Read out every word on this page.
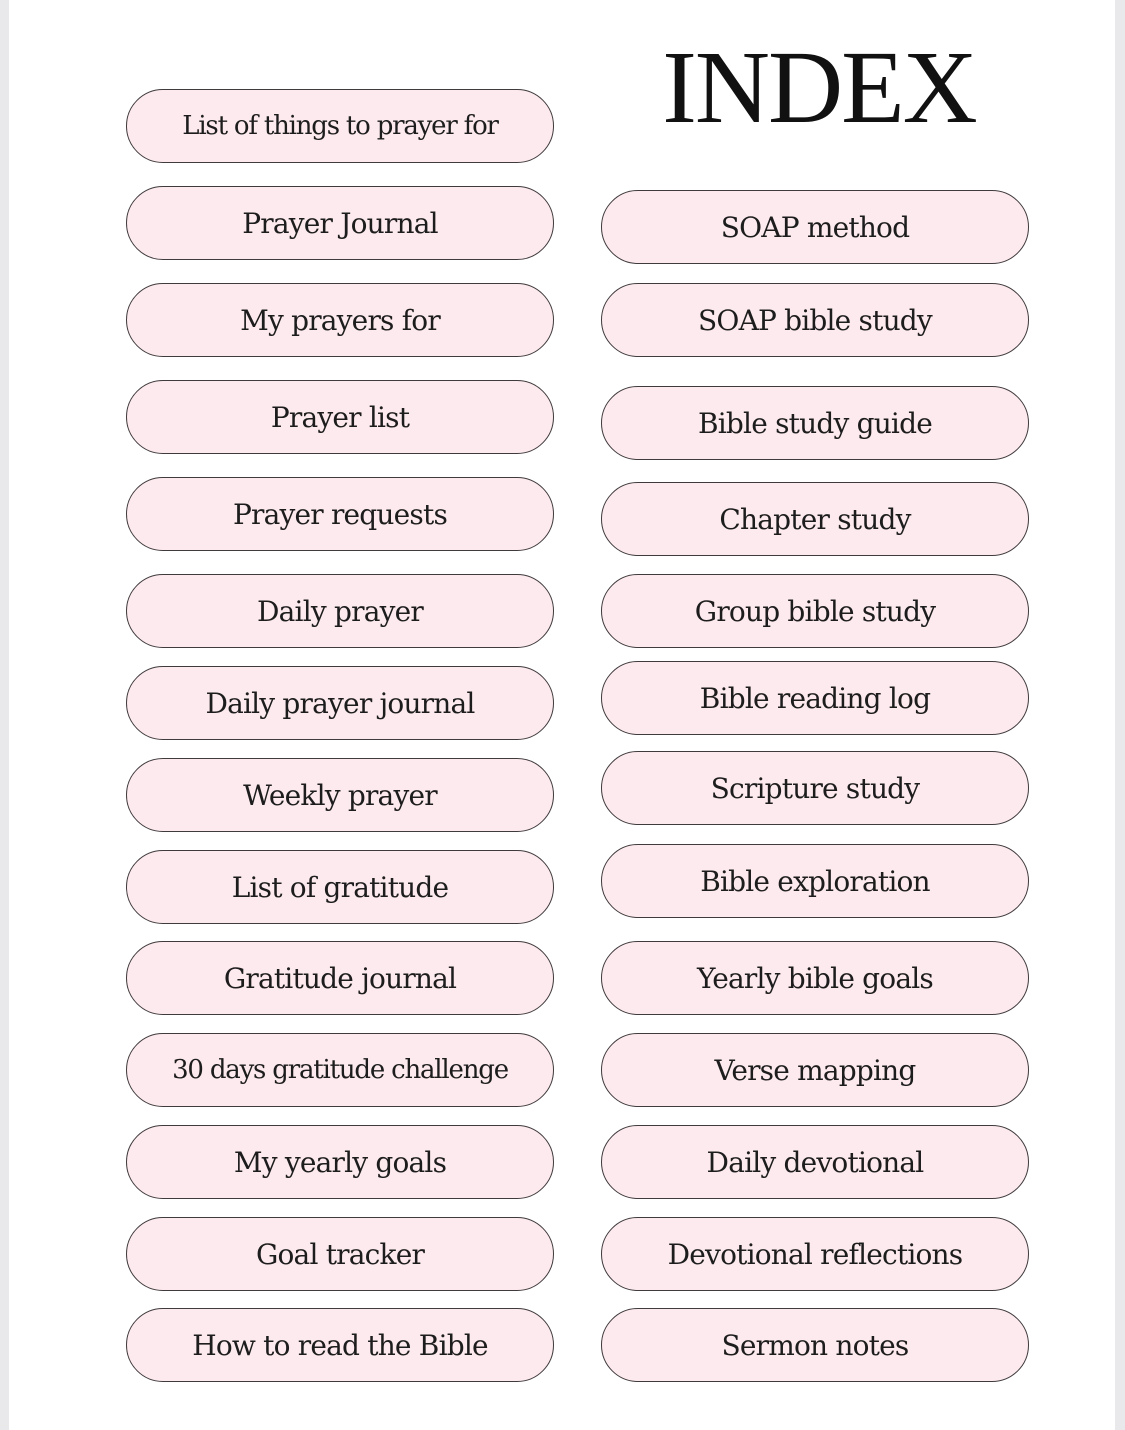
INDEX
List of things to prayer for
Prayer Journal
My prayers for
Prayer list
Prayer requests
Daily prayer
Daily prayer journal
Weekly prayer
List of gratitude
Gratitude journal
30 days gratitude challenge
My yearly goals
Goal tracker
How to read the Bible
SOAP method
SOAP bible study
Bible study guide
Chapter study
Group bible study
Bible reading log
Scripture study
Bible exploration
Yearly bible goals
Verse mapping
Daily devotional
Devotional reflections
Sermon notes
